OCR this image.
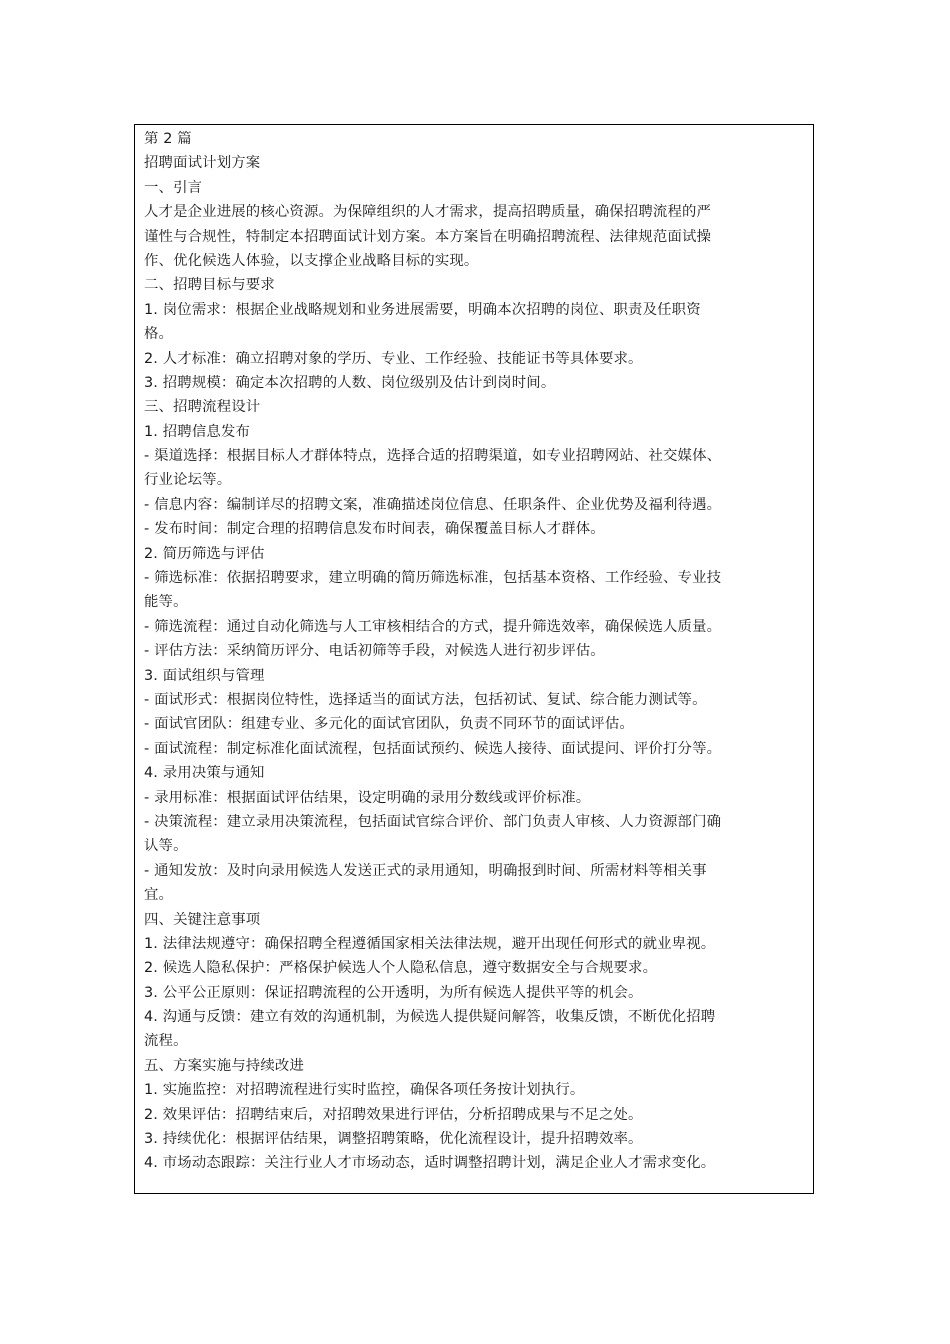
第 2 篇
招聘面试计划方案
一、引言
人才是企业进展的核心资源。为保障组织的人才需求，提高招聘质量，确保招聘流程的严
谨性与合规性，特制定本招聘面试计划方案。本方案旨在明确招聘流程、法律规范面试操
作、优化候选人体验，以支撑企业战略目标的实现。
二、招聘目标与要求
1. 岗位需求：根据企业战略规划和业务进展需要，明确本次招聘的岗位、职责及任职资
格。
2. 人才标准：确立招聘对象的学历、专业、工作经验、技能证书等具体要求。
3. 招聘规模：确定本次招聘的人数、岗位级别及估计到岗时间。
三、招聘流程设计
1. 招聘信息发布
- 渠道选择：根据目标人才群体特点，选择合适的招聘渠道，如专业招聘网站、社交媒体、
行业论坛等。
- 信息内容：编制详尽的招聘文案，准确描述岗位信息、任职条件、企业优势及福利待遇。
- 发布时间：制定合理的招聘信息发布时间表，确保覆盖目标人才群体。
2. 简历筛选与评估
- 筛选标准：依据招聘要求，建立明确的简历筛选标准，包括基本资格、工作经验、专业技
能等。
- 筛选流程：通过自动化筛选与人工审核相结合的方式，提升筛选效率，确保候选人质量。
- 评估方法：采纳简历评分、电话初筛等手段，对候选人进行初步评估。
3. 面试组织与管理
- 面试形式：根据岗位特性，选择适当的面试方法，包括初试、复试、综合能力测试等。
- 面试官团队：组建专业、多元化的面试官团队，负责不同环节的面试评估。
- 面试流程：制定标准化面试流程，包括面试预约、候选人接待、面试提问、评价打分等。
4. 录用决策与通知
- 录用标准：根据面试评估结果，设定明确的录用分数线或评价标准。
- 决策流程：建立录用决策流程，包括面试官综合评价、部门负责人审核、人力资源部门确
认等。
- 通知发放：及时向录用候选人发送正式的录用通知，明确报到时间、所需材料等相关事
宜。
四、关键注意事项
1. 法律法规遵守：确保招聘全程遵循国家相关法律法规，避开出现任何形式的就业卑视。
2. 候选人隐私保护：严格保护候选人个人隐私信息，遵守数据安全与合规要求。
3. 公平公正原则：保证招聘流程的公开透明，为所有候选人提供平等的机会。
4. 沟通与反馈：建立有效的沟通机制，为候选人提供疑问解答，收集反馈，不断优化招聘
流程。
五、方案实施与持续改进
1. 实施监控：对招聘流程进行实时监控，确保各项任务按计划执行。
2. 效果评估：招聘结束后，对招聘效果进行评估，分析招聘成果与不足之处。
3. 持续优化：根据评估结果，调整招聘策略，优化流程设计，提升招聘效率。
4. 市场动态跟踪：关注行业人才市场动态，适时调整招聘计划，满足企业人才需求变化。
